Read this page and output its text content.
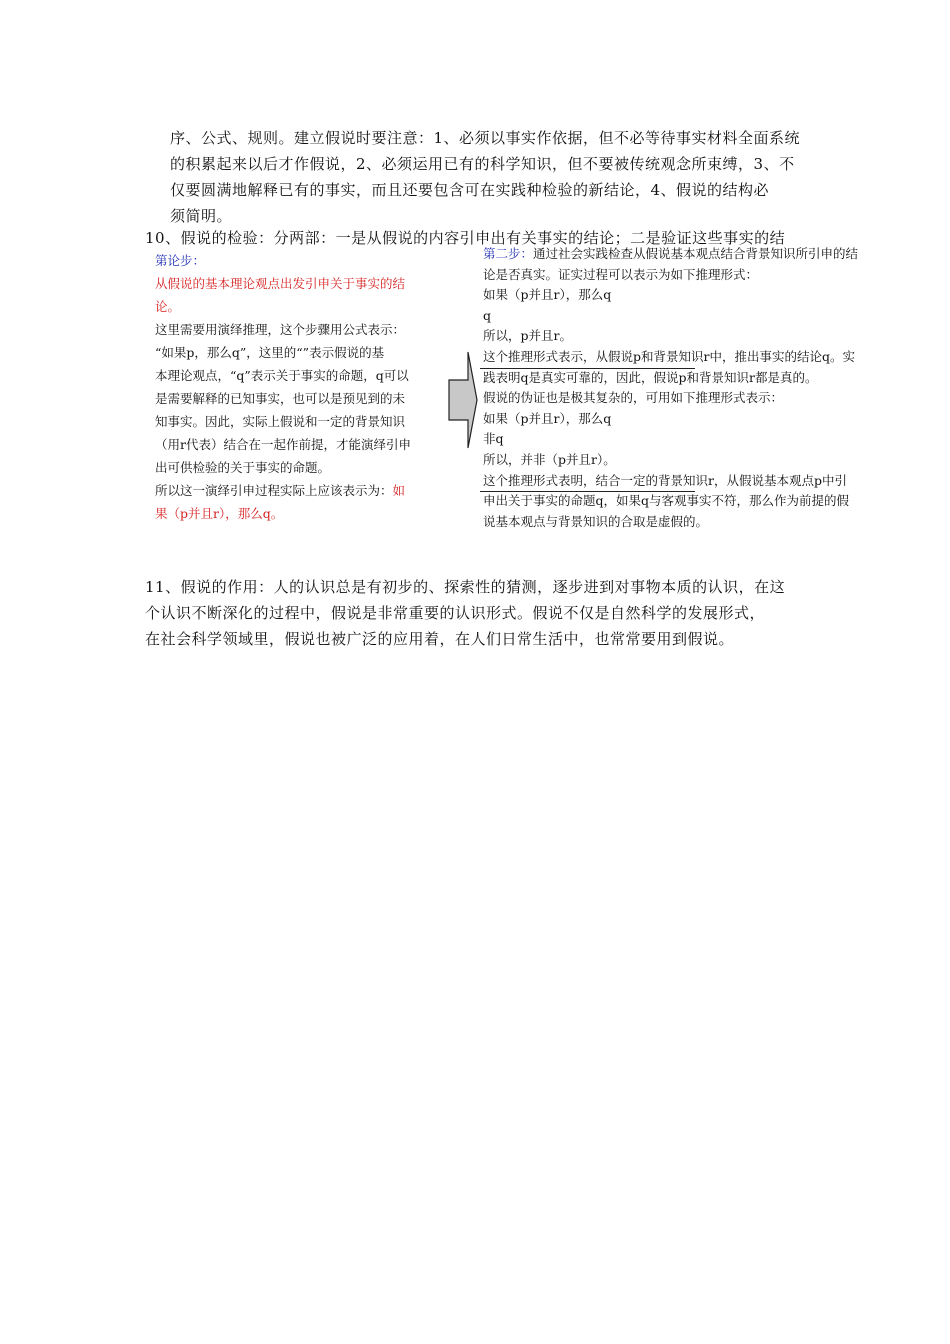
序、公式、规则。建立假说时要注意：1、必须以事实作依据，但不必等待事实材料全面系统
的积累起来以后才作假说，2、必须运用已有的科学知识，但不要被传统观念所束缚，3、不
仅要圆满地解释已有的事实，而且还要包含可在实践种检验的新结论，4、假说的结构必
须简明。
10、假说的检验：分两部：一是从假说的内容引申出有关事实的结论；二是验证这些事实的结
第论步：
从假说的基本理论观点出发引申关于事实的结
论。
这里需要用演绎推理，这个步骤用公式表示：
“如果p，那么q”，这里的“”表示假说的基
本理论观点，“q”表示关于事实的命题，q可以
是需要解释的已知事实，也可以是预见到的未
知事实。因此，实际上假说和一定的背景知识
（用r代表）结合在一起作前提，才能演绎引申
出可供检验的关于事实的命题。
所以这一演绎引申过程实际上应该表示为：如
果（p并且r），那么q。
第二步：通过社会实践检查从假说基本观点结合背景知识所引申的结
论是否真实。证实过程可以表示为如下推理形式：
如果（p并且r），那么q
q
所以，p并且r。
这个推理形式表示，从假说p和背景知识r中，推出事实的结论q。实
践表明q是真实可靠的，因此，假说p和背景知识r都是真的。
假说的伪证也是极其复杂的，可用如下推理形式表示：
如果（p并且r），那么q
非q
所以，并非（p并且r）。
这个推理形式表明，结合一定的背景知识r，从假说基本观点p中引
申出关于事实的命题q，如果q与客观事实不符，那么作为前提的假
说基本观点与背景知识的合取是虚假的。
11、假说的作用：人的认识总是有初步的、探索性的猜测，逐步进到对事物本质的认识，在这
个认识不断深化的过程中，假说是非常重要的认识形式。假说不仅是自然科学的发展形式，
在社会科学领域里，假说也被广泛的应用着，在人们日常生活中，也常常要用到假说。
